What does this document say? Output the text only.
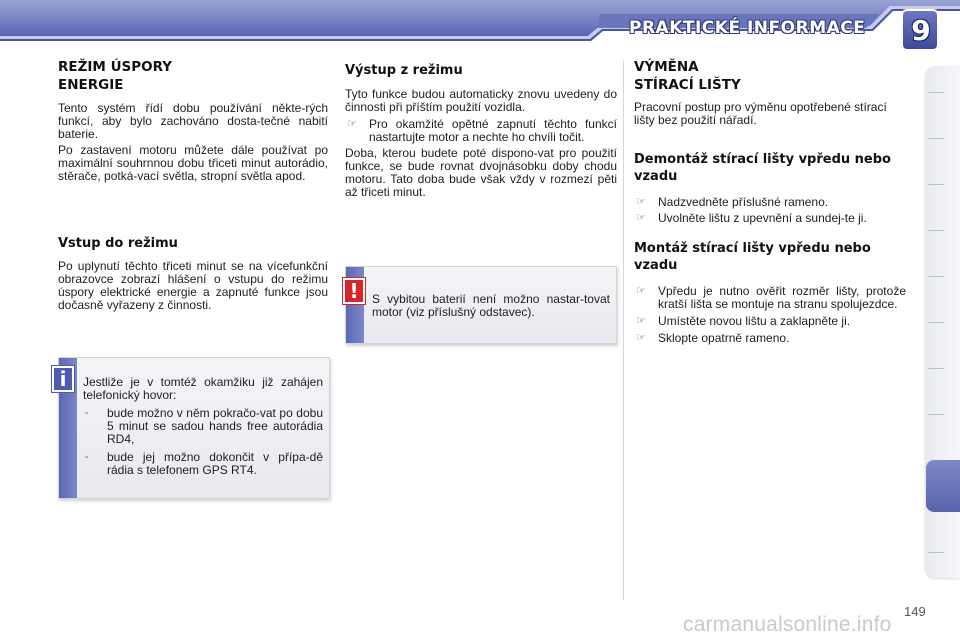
PRAKTICKÉ INFORMACE 9
REŽIM ÚSPORY
ENERGIE
Tento systém řídí dobu používání někte-rých funkcí, aby bylo zachováno dosta-tečné nabití baterie.
Po zastavení motoru můžete dále používat po maximální souhrnnou dobu třiceti minut autorádio, stěrače, potká-vací světla, stropní světla apod.
Vstup do režimu
Po uplynutí těchto třiceti minut se na vícefunkční obrazovce zobrazí hlášení o vstupu do režimu úspory elektrické energie a zapnuté funkce jsou dočasně vyřazeny z činnosti.
Jestliže je v tomtéž okamžiku již zahájen telefonický hovor:
-	bude možno v něm pokračo-vat po dobu 5 minut se sadou hands free autorádia RD4,
-	bude jej možno dokončit v přípa-dě rádia s telefonem GPS RT4.
i
Výstup z režimu
Tyto funkce budou automaticky znovu uvedeny do činnosti při příštím použití vozidla.
☞	Pro okamžité opětné zapnutí těchto funkcí nastartujte motor a nechte ho chvíli točit.
Doba, kterou budete poté dispono-vat pro použití funkce, se bude rovnat dvojnásobku doby chodu motoru. Tato doba bude však vždy v rozmezí pěti až třiceti minut.
S vybitou baterií není možno nastar-tovat motor (viz příslušný odstavec).
!
VÝMĚNA
STÍRACÍ LIŠTY
Pracovní postup pro výměnu opotřebené stírací lišty bez použití nářadí.
Demontáž stírací lišty vpředu nebo vzadu
☞	Nadzvedněte příslušné rameno.
☞	Uvolněte lištu z upevnění a sundej-te ji.
Montáž stírací lišty vpředu nebo vzadu
☞	Vpředu je nutno ověřit rozměr lišty, protože kratší lišta se montuje na stranu spolujezdce.
☞	Umístěte novou lištu a zaklapněte ji.
☞	Sklopte opatrně rameno.
149
carmanualsonline.info
